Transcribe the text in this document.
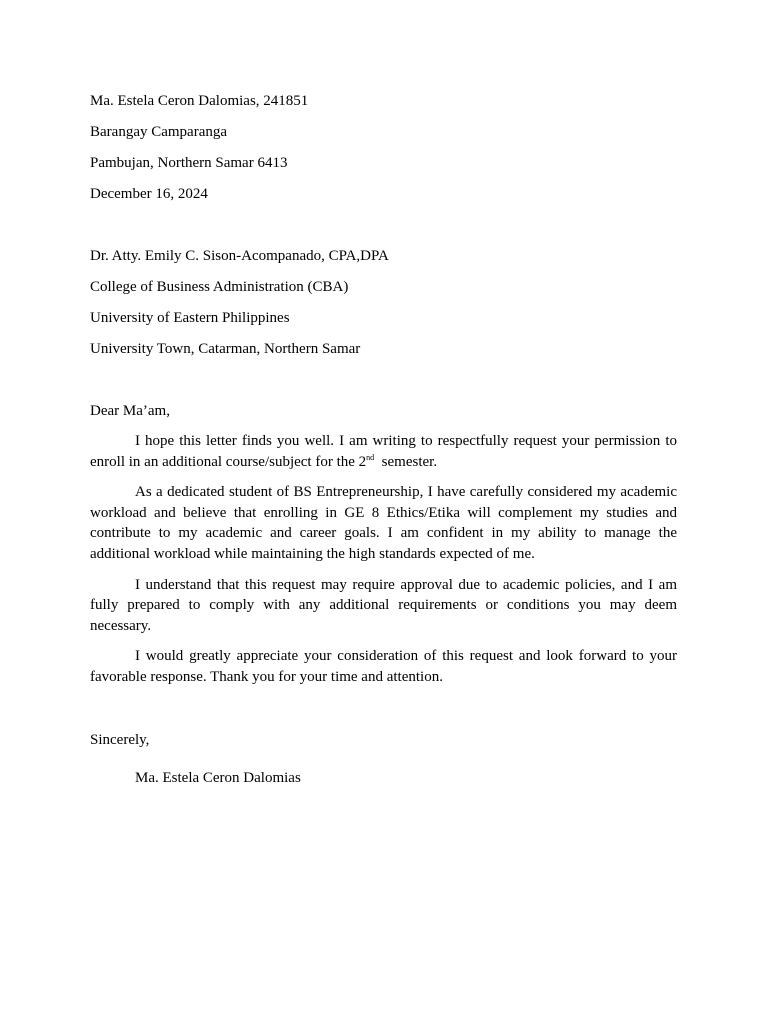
Ma. Estela Ceron Dalomias, 241851
Barangay Camparanga
Pambujan, Northern Samar 6413
December 16, 2024
Dr. Atty. Emily C. Sison-Acompanado, CPA,DPA
College of Business Administration (CBA)
University of Eastern Philippines
University Town, Catarman, Northern Samar
Dear Ma’am,

I hope this letter finds you well. I am writing to respectfully request your permission to enroll in an additional course/subject for the 2nd  semester.

As a dedicated student of BS Entrepreneurship, I have carefully considered my academic workload and believe that enrolling in GE 8 Ethics/Etika will complement my studies and contribute to my academic and career goals. I am confident in my ability to manage the additional workload while maintaining the high standards expected of me.

I understand that this request may require approval due to academic policies, and I am fully prepared to comply with any additional requirements or conditions you may deem necessary.

I would greatly appreciate your consideration of this request and look forward to your favorable response. Thank you for your time and attention.

Sincerely,
Ma. Estela Ceron Dalomias
